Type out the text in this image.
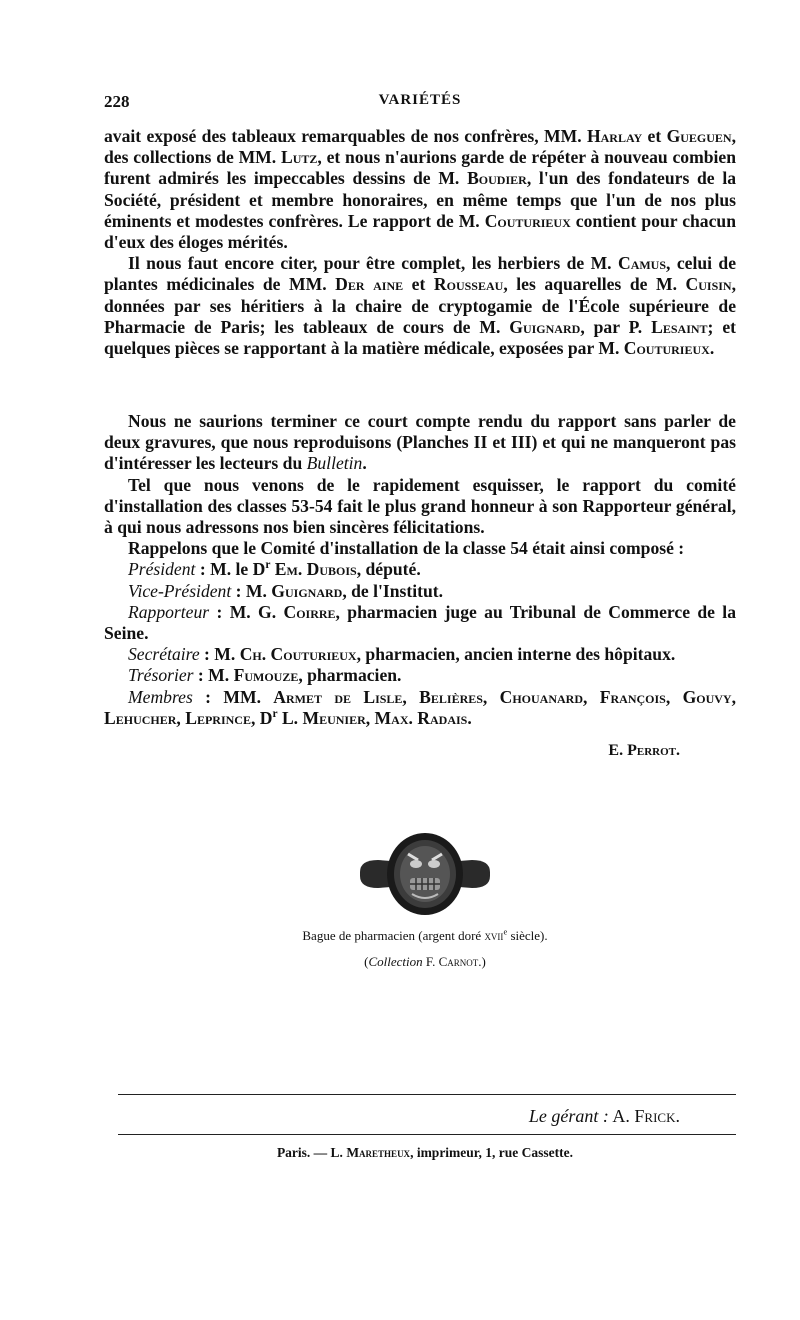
228	VARIÉTÉS

avait exposé des tableaux remarquables de nos confrères, MM. Harlay et Gueguen, des collections de MM. Lutz, et nous n'aurions garde de répéter à nouveau combien furent admirés les impeccables dessins de M. Boudier, l'un des fondateurs de la Société, président et membre honoraires, en même temps que l'un de nos plus éminents et modestes confrères. Le rapport de M. Couturieux contient pour chacun d'eux des éloges mérités.

Il nous faut encore citer, pour être complet, les herbiers de M. Camus, celui de plantes médicinales de MM. Der aine et Rousseau, les aquarelles de M. Cuisin, données par ses héritiers à la chaire de cryptogamie de l'École supérieure de Pharmacie de Paris; les tableaux de cours de M. Guignard, par P. Lesaint; et quelques pièces se rapportant à la matière médicale, exposées par M. Couturieux.

Nous ne saurions terminer ce court compte rendu du rapport sans parler de deux gravures, que nous reproduisons (Planches II et III) et qui ne manqueront pas d'intéresser les lecteurs du Bulletin.

Tel que nous venons de le rapidement esquisser, le rapport du comité d'installation des classes 53-54 fait le plus grand honneur à son Rapporteur général, à qui nous adressons nos bien sincères félicitations.

Rappelons que le Comité d'installation de la classe 54 était ainsi composé :

Président : M. le $D^r$ Em. Dubois, député.

Vice-Président : M. Guignard, de l'Institut.

Rapporteur : M. G. Coirre, pharmacien juge au Tribunal de Commerce de la Seine.

Secrétaire : M. Ch. Couturieux, pharmacien, ancien interne des hôpitaux.

Trésorier : M. Fumouze, pharmacien.

Membres : MM. Armet de Lisle, Belières, Chouanard, François, Gouvy, Lehucher, Leprince, $D^r$ L. Meunier, Max. Radais.

E. Perrot.
Bague de pharmacien (argent doré xvii$^e$ siècle).
(Collection F. Carnot.)
Le gérant : A. Frick.
Paris. — L. Maretheux, imprimeur, 1, rue Cassette.
